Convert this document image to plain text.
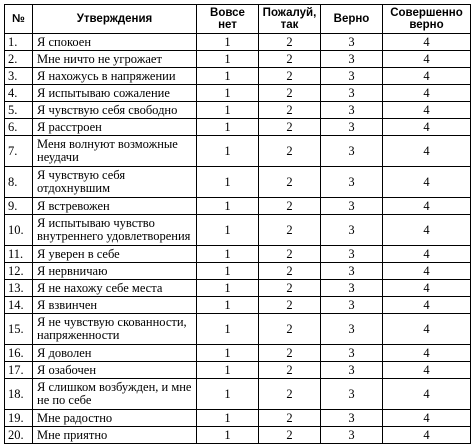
№	Утверждения	Вовсе нет	Пожалуй, так	Верно	Совершенно верно
1.	Я спокоен	1	2	3	4
2.	Мне ничто не угрожает	1	2	3	4
3.	Я нахожусь в напряжении	1	2	3	4
4.	Я испытываю сожаление	1	2	3	4
5.	Я чувствую себя свободно	1	2	3	4
6.	Я расстроен	1	2	3	4
7.	Меня волнуют возможные неудачи	1	2	3	4
8.	Я чувствую себя отдохнувшим	1	2	3	4
9.	Я встревожен	1	2	3	4
10.	Я испытываю чувство внутреннего удовлетворения	1	2	3	4
11.	Я уверен в себе	1	2	3	4
12.	Я нервничаю	1	2	3	4
13.	Я не нахожу себе места	1	2	3	4
14.	Я взвинчен	1	2	3	4
15.	Я не чувствую скованности, напряженности	1	2	3	4
16.	Я доволен	1	2	3	4
17.	Я озабочен	1	2	3	4
18.	Я слишком возбужден, и мне не по себе	1	2	3	4
19.	Мне радостно	1	2	3	4
20.	Мне приятно	1	2	3	4
